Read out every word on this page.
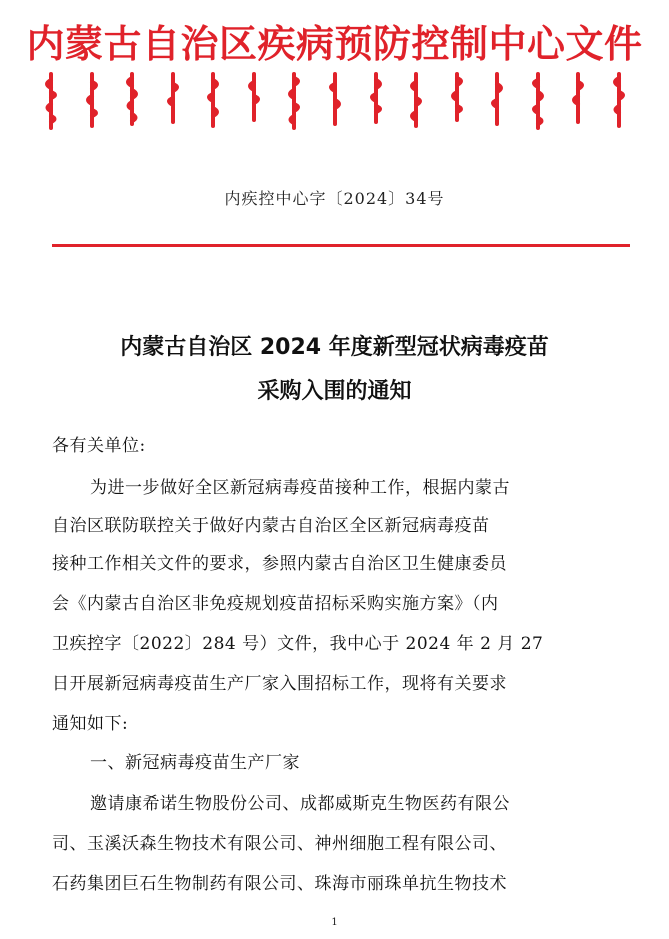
内蒙古自治区疾病预防控制中心文件
内疾控中心字〔2024〕34号
内蒙古自治区 2024 年度新型冠状病毒疫苗
采购入围的通知
各有关单位:
为进一步做好全区新冠病毒疫苗接种工作，根据内蒙古
自治区联防联控关于做好内蒙古自治区全区新冠病毒疫苗
接种工作相关文件的要求，参照内蒙古自治区卫生健康委员
会《内蒙古自治区非免疫规划疫苗招标采购实施方案》（内
卫疾控字〔2022〕284 号）文件，我中心于 2024 年 2 月 27
日开展新冠病毒疫苗生产厂家入围招标工作，现将有关要求
通知如下:
一、新冠病毒疫苗生产厂家
邀请康希诺生物股份公司、成都威斯克生物医药有限公
司、玉溪沃森生物技术有限公司、神州细胞工程有限公司、
石药集团巨石生物制药有限公司、珠海市丽珠单抗生物技术
1
